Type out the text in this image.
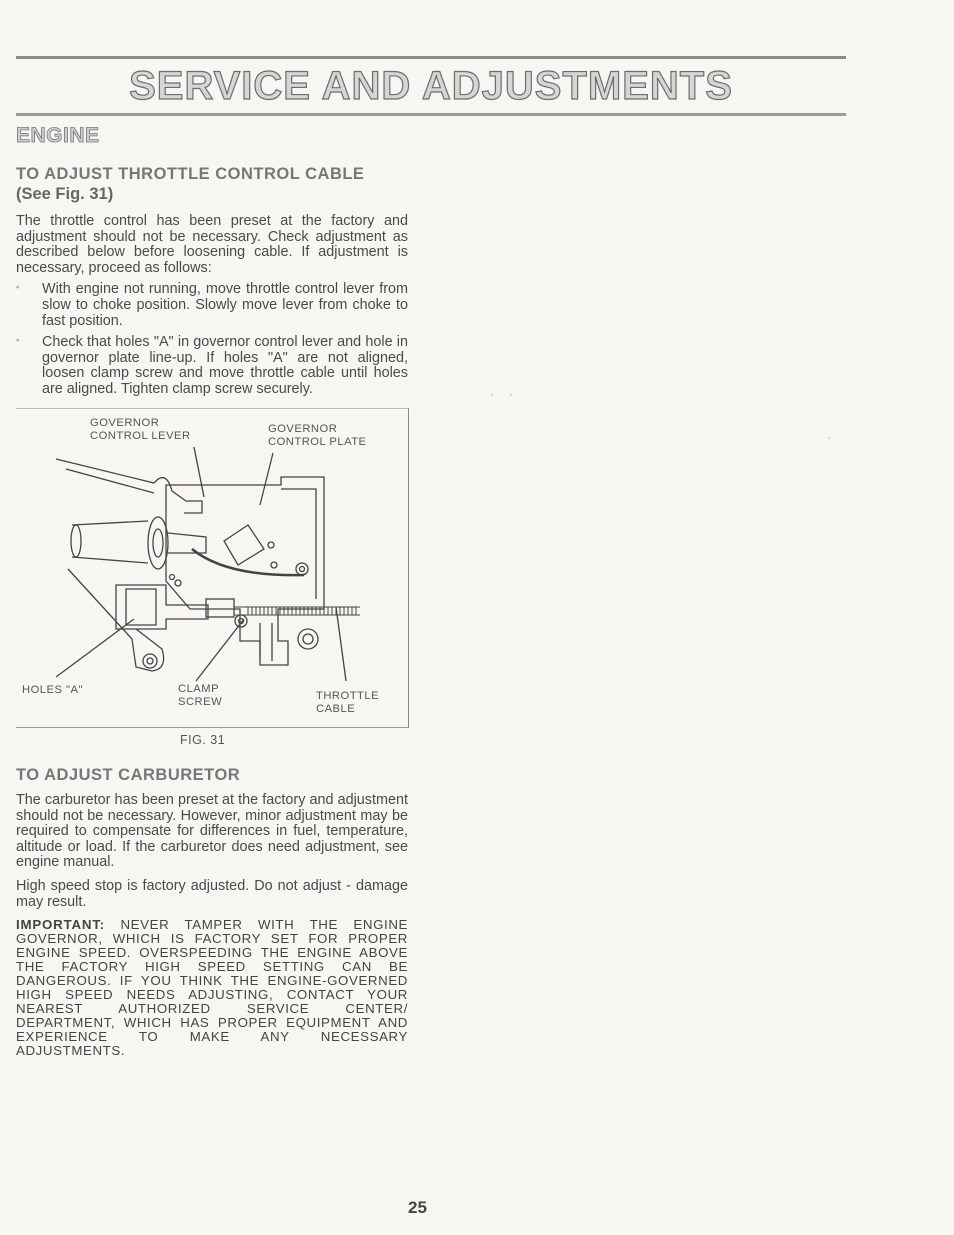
SERVICE AND ADJUSTMENTS
ENGINE
TO ADJUST THROTTLE CONTROL CABLE
(See Fig. 31)

The throttle control has been preset at the factory and adjustment should not be necessary. Check adjustment as described below before loosening cable. If adjustment is necessary, proceed as follows:

▪ With engine not running, move throttle control lever from slow to choke position. Slowly move lever from choke to fast position.

▪ Check that holes "A" in governor control lever and hole in governor plate line-up. If holes "A" are not aligned, loosen clamp screw and move throttle cable until holes are aligned. Tighten clamp screw securely.

GOVERNOR
CONTROL LEVER
GOVERNOR
CONTROL PLATE
HOLES "A"	CLAMP
SCREW	THROTTLE
CABLE
FIG. 31
TO ADJUST CARBURETOR

The carburetor has been preset at the factory and adjustment should not be necessary. However, minor adjustment may be required to compensate for differences in fuel, temperature, altitude or load. If the carburetor does need adjustment, see engine manual.

High speed stop is factory adjusted. Do not adjust - damage may result.

IMPORTANT: NEVER TAMPER WITH THE ENGINE GOVERNOR, WHICH IS FACTORY SET FOR PROPER ENGINE SPEED. OVERSPEEDING THE ENGINE ABOVE THE FACTORY HIGH SPEED SETTING CAN BE DANGEROUS. IF YOU THINK THE ENGINE-GOVERNED HIGH SPEED NEEDS ADJUSTING, CONTACT YOUR NEAREST AUTHORIZED SERVICE CENTER/ DEPARTMENT, WHICH HAS PROPER EQUIPMENT AND EXPERIENCE TO MAKE ANY NECESSARY ADJUSTMENTS.
25
